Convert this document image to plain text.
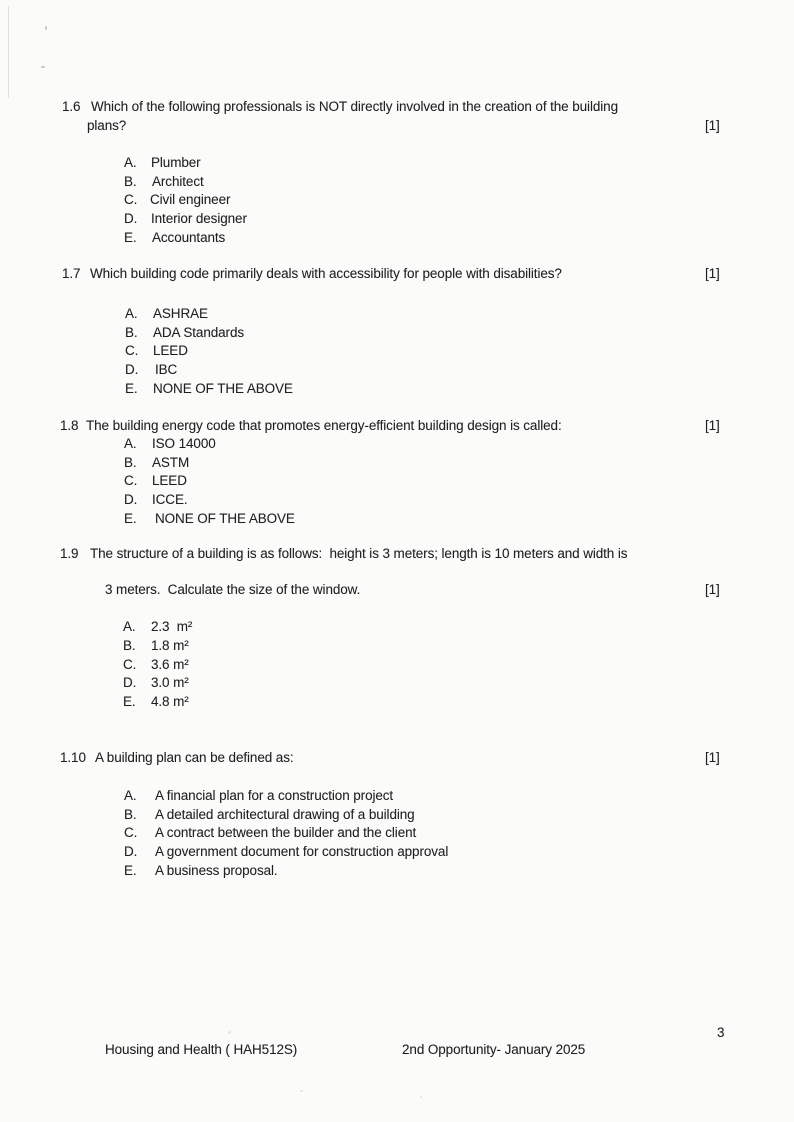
1.6 Which of the following professionals is NOT directly involved in the creation of the building
plans?	[1]
A. Plumber
B. Architect
C. Civil engineer
D. Interior designer
E. Accountants
1.7 Which building code primarily deals with accessibility for people with disabilities?	[1]
A. ASHRAE
B. ADA Standards
C. LEED
D. IBC
E. NONE OF THE ABOVE
1.8 The building energy code that promotes energy-efficient building design is called:	[1]
A. ISO 14000
B. ASTM
C. LEED
D. ICCE.
E. NONE OF THE ABOVE
1.9 The structure of a building is as follows:  height is 3 meters; length is 10 meters and width is
3 meters.  Calculate the size of the window.	[1]
A. 2.3  m²
B. 1.8 m²
C. 3.6 m²
D. 3.0 m²
E. 4.8 m²
1.10 A building plan can be defined as:	[1]
A. A financial plan for a construction project
B. A detailed architectural drawing of a building
C. A contract between the builder and the client
D. A government document for construction approval
E. A business proposal.
3
Housing and Health ( HAH512S)	2nd Opportunity- January 2025
